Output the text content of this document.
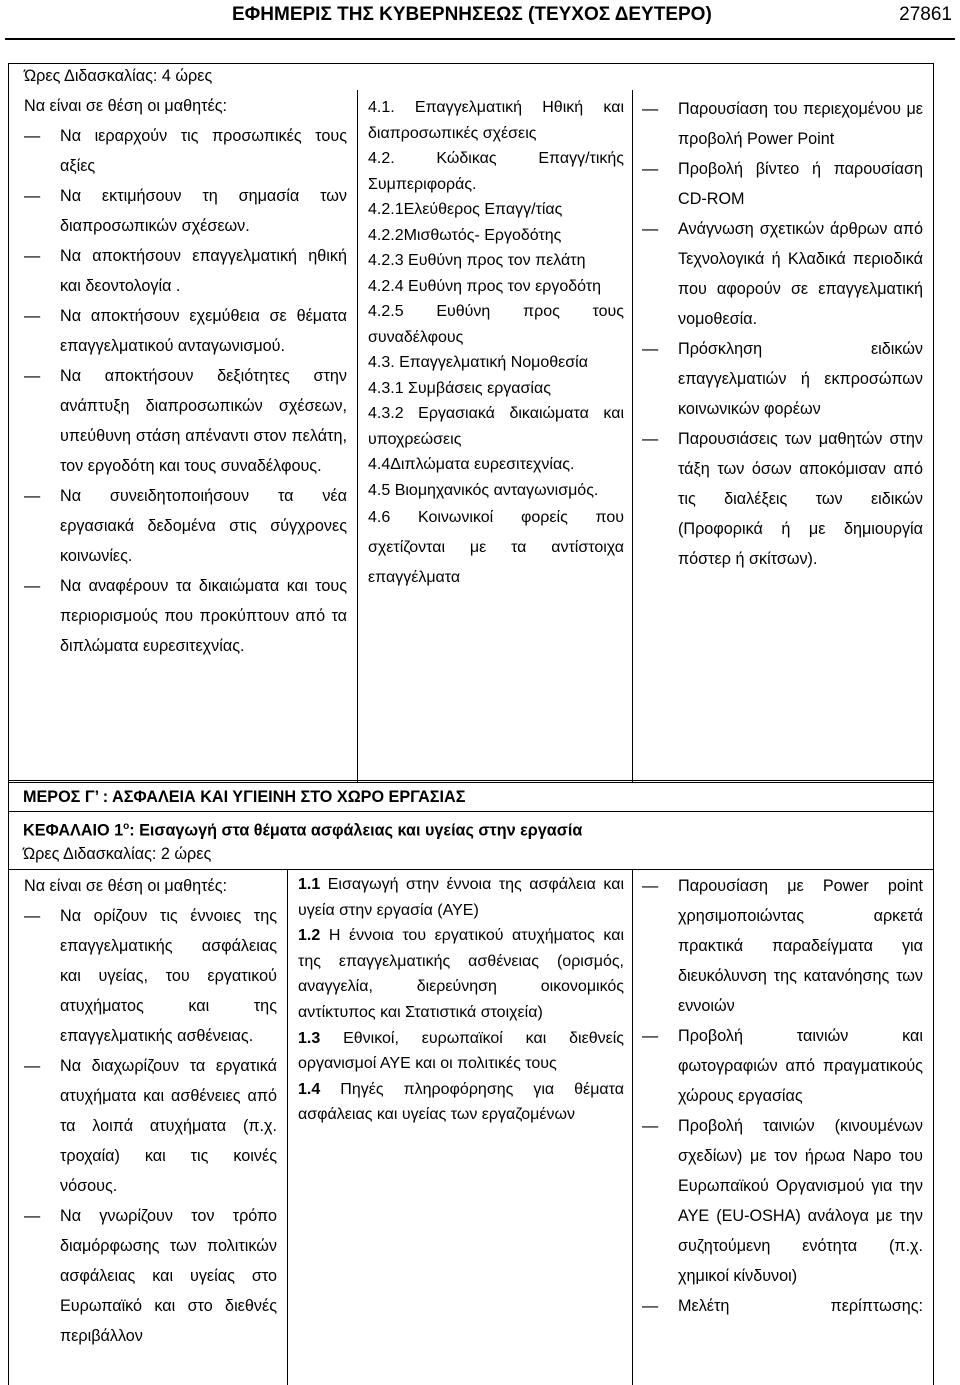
ΕΦΗΜΕΡΙΣ ΤΗΣ ΚΥΒΕΡΝΗΣΕΩΣ (ΤΕΥΧΟΣ ΔΕΥΤΕΡΟ)	27861
Ώρες Διδασκαλίας: 4 ώρες
Να είναι σε θέση οι μαθητές:
— Να ιεραρχούν τις προσωπικές τους αξίες
— Να εκτιμήσουν τη σημασία των διαπροσωπικών σχέσεων.
— Να αποκτήσουν επαγγελματική ηθική και δεοντολογία .
— Να αποκτήσουν εχεμύθεια σε θέματα επαγγελματικού ανταγωνισμού.
— Να αποκτήσουν δεξιότητες στην ανάπτυξη διαπροσωπικών σχέσεων, υπεύθυνη στάση απέναντι στον πελάτη, τον εργοδότη και τους συναδέλφους.
— Να συνειδητοποιήσουν τα νέα εργασιακά δεδομένα στις σύγχρονες κοινωνίες.
— Να αναφέρουν τα δικαιώματα και τους περιορισμούς που προκύπτουν από τα διπλώματα ευρεσιτεχνίας.
4.1. Επαγγελματική Ηθική και διαπροσωπικές σχέσεις
4.2. Κώδικας Επαγγ/τικής Συμπεριφοράς.
4.2.1Ελεύθερος Επαγγ/τίας
4.2.2Μισθωτός- Εργοδότης
4.2.3 Ευθύνη προς τον πελάτη
4.2.4 Ευθύνη προς τον εργοδότη
4.2.5 Ευθύνη προς τους συναδέλφους
4.3. Επαγγελματική Νομοθεσία
4.3.1 Συμβάσεις εργασίας
4.3.2 Εργασιακά δικαιώματα και υποχρεώσεις
4.4Διπλώματα ευρεσιτεχνίας.
4.5 Βιομηχανικός ανταγωνισμός.
4.6 Κοινωνικοί φορείς που σχετίζονται με τα αντίστοιχα επαγγέλματα
— Παρουσίαση του περιεχομένου με προβολή Power Point
— Προβολή βίντεο ή παρουσίαση CD-ROM
— Ανάγνωση σχετικών άρθρων από Τεχνολογικά ή Κλαδικά περιοδικά που αφορούν σε επαγγελματική νομοθεσία.
— Πρόσκληση ειδικών επαγγελματιών ή εκπροσώπων κοινωνικών φορέων
— Παρουσιάσεις των μαθητών στην τάξη των όσων αποκόμισαν από τις διαλέξεις των ειδικών (Προφορικά ή με δημιουργία πόστερ ή σκίτσων).
ΜΕΡΟΣ Γ’ : ΑΣΦΑΛΕΙΑ ΚΑΙ ΥΓΙΕΙΝΗ ΣΤΟ ΧΩΡΟ ΕΡΓΑΣΙΑΣ
ΚΕΦΑΛΑΙΟ $1^o$: Εισαγωγή στα θέματα ασφάλειας και υγείας στην εργασία
Ώρες Διδασκαλίας: 2 ώρες
Να είναι σε θέση οι μαθητές:
— Να ορίζουν τις έννοιες της επαγγελματικής ασφάλειας και υγείας, του εργατικού ατυχήματος και της επαγγελματικής ασθένειας.
— Να διαχωρίζουν τα εργατικά ατυχήματα και ασθένειες από τα λοιπά ατυχήματα (π.χ. τροχαία) και τις κοινές νόσους.
— Να γνωρίζουν τον τρόπο διαμόρφωσης των πολιτικών ασφάλειας και υγείας στο Ευρωπαϊκό και στο διεθνές περιβάλλον
1.1 Εισαγωγή στην έννοια της ασφάλεια και υγεία στην εργασία (ΑΥΕ)
1.2 Η έννοια του εργατικού ατυχήματος και της επαγγελματικής ασθένειας (ορισμός, αναγγελία, διερεύνηση οικονομικός αντίκτυπος και Στατιστικά στοιχεία)
1.3 Εθνικοί, ευρωπαϊκοί και διεθνείς οργανισμοί ΑΥΕ και οι πολιτικές τους
1.4 Πηγές πληροφόρησης για θέματα ασφάλειας και υγείας των εργαζομένων
— Παρουσίαση με Power point χρησιμοποιώντας αρκετά πρακτικά παραδείγματα για διευκόλυνση της κατανόησης των εννοιών
— Προβολή ταινιών και φωτογραφιών από πραγματικούς χώρους εργασίας
— Προβολή ταινιών (κινουμένων σχεδίων) με τον ήρωα Napo του Ευρωπαϊκού Οργανισμού για την ΑΥΕ (EU-OSHA) ανάλογα με την συζητούμενη ενότητα (π.χ. χημικοί κίνδυνοι)
— Μελέτη περίπτωσης:
